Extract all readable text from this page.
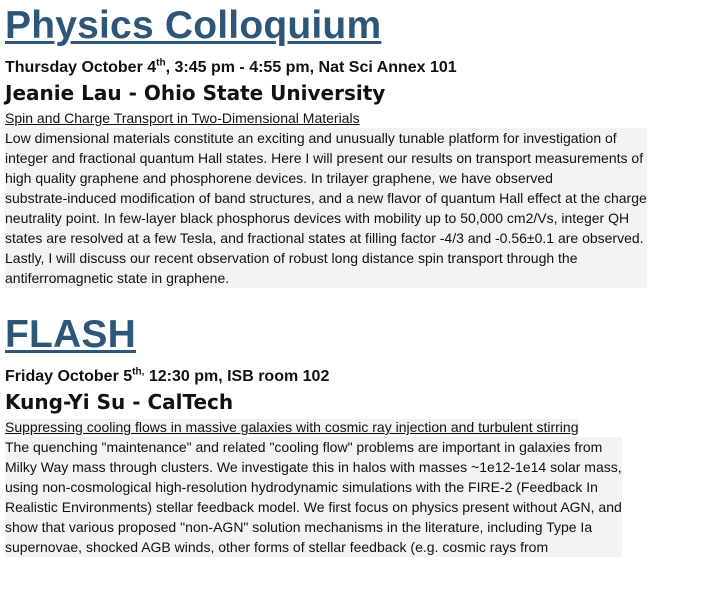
Physics Colloquium

Thursday October 4th, 3:45 pm - 4:55 pm, Nat Sci Annex 101

Jeanie Lau - Ohio State University

Spin and Charge Transport in Two-Dimensional Materials

Low dimensional materials constitute an exciting and unusually tunable platform for investigation of
integer and fractional quantum Hall states. Here I will present our results on transport measurements of
high quality graphene and phosphorene devices. In trilayer graphene, we have observed
substrate-induced modification of band structures, and a new flavor of quantum Hall effect at the charge
neutrality point. In few-layer black phosphorus devices with mobility up to 50,000 cm2/Vs, integer QH
states are resolved at a few Tesla, and fractional states at filling factor -4/3 and -0.56±0.1 are observed.
Lastly, I will discuss our recent observation of robust long distance spin transport through the
antiferromagnetic state in graphene.

FLASH

Friday October $5^{th,}$ 12:30 pm, ISB room 102

Kung-Yi Su - CalTech

Suppressing cooling flows in massive galaxies with cosmic ray injection and turbulent stirring

The quenching "maintenance" and related "cooling flow" problems are important in galaxies from
Milky Way mass through clusters. We investigate this in halos with masses ~1e12-1e14 solar mass,
using non-cosmological high-resolution hydrodynamic simulations with the FIRE-2 (Feedback In
Realistic Environments) stellar feedback model. We first focus on physics present without AGN, and
show that various proposed "non-AGN" solution mechanisms in the literature, including Type Ia
supernovae, shocked AGB winds, other forms of stellar feedback (e.g. cosmic rays from
